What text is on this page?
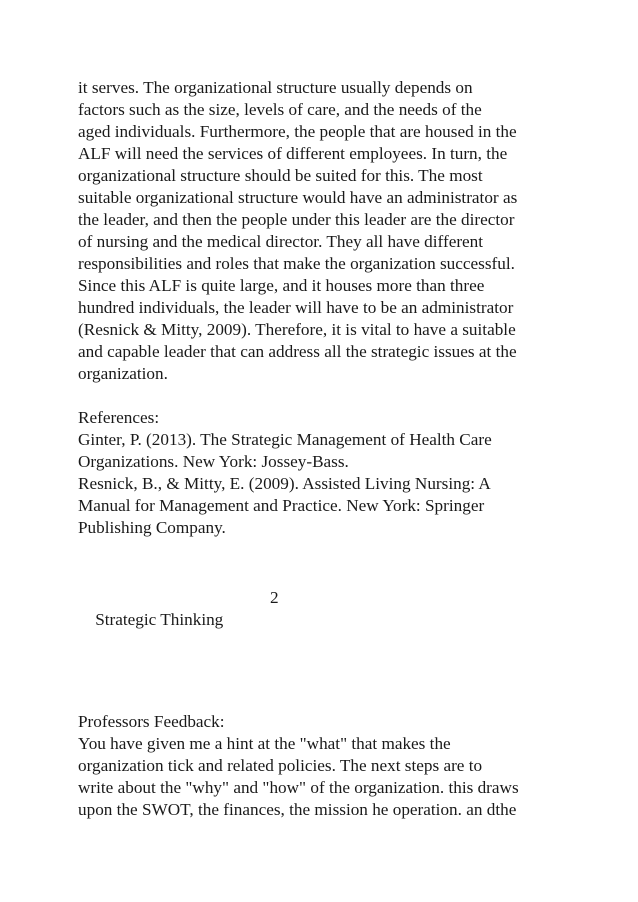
it serves. The organizational structure usually depends on
factors such as the size, levels of care, and the needs of the
aged individuals. Furthermore, the people that are housed in the
ALF will need the services of different employees. In turn, the
organizational structure should be suited for this. The most
suitable organizational structure would have an administrator as
the leader, and then the people under this leader are the director
of nursing and the medical director. They all have different
responsibilities and roles that make the organization successful.
Since this ALF is quite large, and it houses more than three
hundred individuals, the leader will have to be an administrator
(Resnick & Mitty, 2009). Therefore, it is vital to have a suitable
and capable leader that can address all the strategic issues at the
organization.
References:
Ginter, P. (2013). The Strategic Management of Health Care
Organizations. New York: Jossey-Bass.
Resnick, B., & Mitty, E. (2009). Assisted Living Nursing: A
Manual for Management and Practice. New York: Springer
Publishing Company.

Strategic Thinking

2

Professors Feedback:
You have given me a hint at the "what" that makes the
organization tick and related policies. The next steps are to
write about the "why" and "how" of the organization. this draws
upon the SWOT, the finances, the mission he operation. an dthe
